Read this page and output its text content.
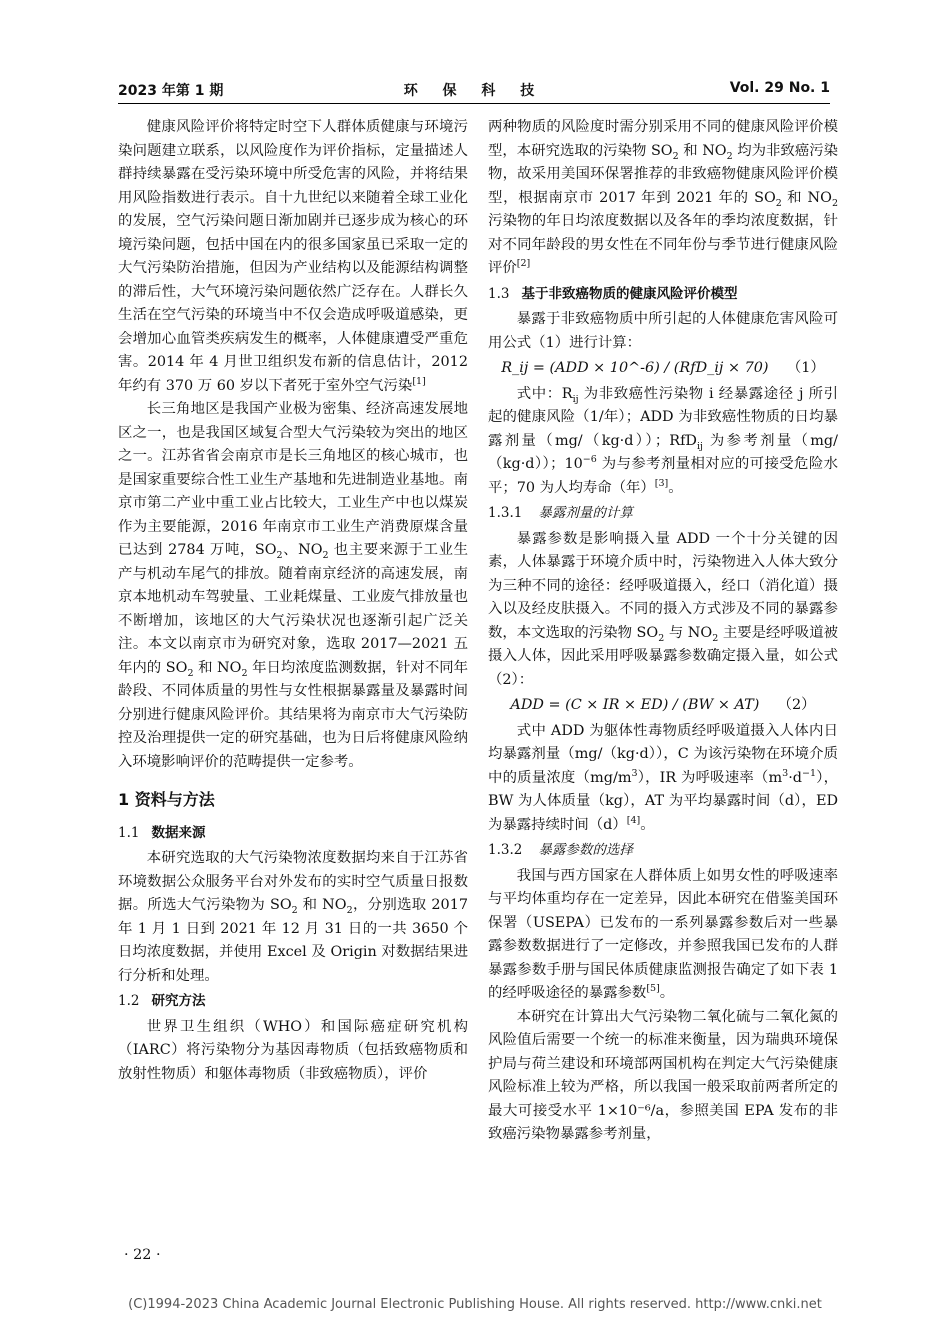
2023 年第 1 期	环 保 科 技	Vol. 29 No. 1

健康风险评价将特定时空下人群体质健康与环境污染问题建立联系，以风险度作为评价指标，定量描述人群持续暴露在受污染环境中所受危害的风险，并将结果用风险指数进行表示。自十九世纪以来随着全球工业化的发展，空气污染问题日渐加剧并已逐步成为核心的环境污染问题，包括中国在内的很多国家虽已采取一定的大气污染防治措施，但因为产业结构以及能源结构调整的滞后性，大气环境污染问题依然广泛存在。人群长久生活在空气污染的环境当中不仅会造成呼吸道感染，更会增加心血管类疾病发生的概率，人体健康遭受严重危害。2014 年 4 月世卫组织发布新的信息估计，2012 年约有 370 万 60 岁以下者死于室外空气污染[1]

长三角地区是我国产业极为密集、经济高速发展地区之一，也是我国区域复合型大气污染较为突出的地区之一。江苏省省会南京市是长三角地区的核心城市，也是国家重要综合性工业生产基地和先进制造业基地。南京市第二产业中重工业占比较大，工业生产中也以煤炭作为主要能源，2016 年南京市工业生产消费原煤含量已达到 2784 万吨，$SO_2$、$NO_2$ 也主要来源于工业生产与机动车尾气的排放。随着南京经济的高速发展，南京本地机动车驾驶量、工业耗煤量、工业废气排放量也不断增加，该地区的大气污染状况也逐渐引起广泛关注。本文以南京市为研究对象，选取 2017—2021 五年内的 $SO_2$ 和 $NO_2$ 年日均浓度监测数据，针对不同年龄段、不同体质量的男性与女性根据暴露量及暴露时间分别进行健康风险评价。其结果将为南京市大气污染防控及治理提供一定的研究基础，也为日后将健康风险纳入环境影响评价的范畴提供一定参考。

1 资料与方法
1.1 数据来源

本研究选取的大气污染物浓度数据均来自于江苏省环境数据公众服务平台对外发布的实时空气质量日报数据。所选大气污染物为 $SO_2$ 和 $NO_2$，分别选取 2017 年 1 月 1 日到 2021 年 12 月 31 日的一共 3650 个日均浓度数据，并使用 Excel 及 Origin 对数据结果进行分析和处理。

1.2 研究方法

世界卫生组织（WHO）和国际癌症研究机构（IARC）将污染物分为基因毒物质（包括致癌物质和放射性物质）和躯体毒物质（非致癌物质），评价

两种物质的风险度时需分别采用不同的健康风险评价模型，本研究选取的污染物 $SO_2$ 和 $NO_2$ 均为非致癌污染物，故采用美国环保署推荐的非致癌物健康风险评价模型，根据南京市 2017 年到 2021 年的 $SO_2$ 和 $NO_2$ 污染物的年日均浓度数据以及各年的季均浓度数据，针对不同年龄段的男女性在不同年份与季节进行健康风险评价[2]

1.3 基于非致癌物质的健康风险评价模型

暴露于非致癌物质中所引起的人体健康危害风险可用公式（1）进行计算：

R_ij = (ADD × 10^-6) / (RfD_ij × 70) （1）

式中：$R_{ij}$ 为非致癌性污染物 i 经暴露途径 j 所引起的健康风险（1/年）；ADD 为非致癌性物质的日均暴露剂量（mg/（kg·d））；RfD$_{ij}$ 为参考剂量（mg/（kg·d））；$10^{-6}$ 为与参考剂量相对应的可接受危险水平；70 为人均寿命（年）[3]。

1.3.1 暴露剂量的计算

暴露参数是影响摄入量 ADD 一个十分关键的因素，人体暴露于环境介质中时，污染物进入人体大致分为三种不同的途径：经呼吸道摄入，经口（消化道）摄入以及经皮肤摄入。不同的摄入方式涉及不同的暴露参数，本文选取的污染物 $SO_2$ 与 $NO_2$ 主要是经呼吸道被摄入人体，因此采用呼吸暴露参数确定摄入量，如公式（2）：

ADD = (C × IR × ED) / (BW × AT) （2）

式中 ADD 为躯体性毒物质经呼吸道摄入人体内日均暴露剂量（mg/（kg·d）），C 为该污染物在环境介质中的质量浓度$(mg/m^3)$，IR 为呼吸速率$(m^3\cdot d^{-1})$，BW 为人体质量（kg），AT 为平均暴露时间（d），ED 为暴露持续时间（d）[4]。

1.3.2 暴露参数的选择

我国与西方国家在人群体质上如男女性的呼吸速率与平均体重均存在一定差异，因此本研究在借鉴美国环保署（USEPA）已发布的一系列暴露参数后对一些暴露参数数据进行了一定修改，并参照我国已发布的人群暴露参数手册与国民体质健康监测报告确定了如下表 1 的经呼吸途径的暴露参数[5]。

本研究在计算出大气污染物二氧化硫与二氧化氮的风险值后需要一个统一的标准来衡量，因为瑞典环境保护局与荷兰建设和环境部两国机构在判定大气污染健康风险标准上较为严格，所以我国一般采取前两者所定的最大可接受水平 1×10⁻⁶/a，参照美国 EPA 发布的非致癌污染物暴露参考剂量，

· 22 ·
(C)1994-2023 China Academic Journal Electronic Publishing House. All rights reserved. http://www.cnki.net
